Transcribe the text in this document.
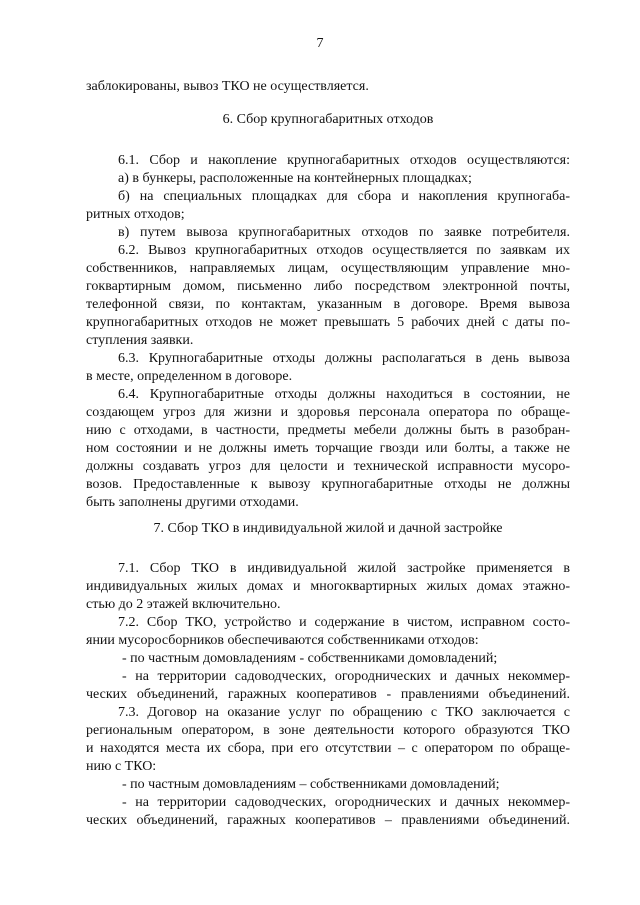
7
заблокированы, вывоз ТКО не осуществляется.
6. Сбор крупногабаритных отходов
6.1. Сбор и накопление крупногабаритных отходов осуществляются:
а) в бункеры, расположенные на контейнерных площадках;
б) на специальных площадках для сбора и накопления крупногаба-
ритных отходов;
в) путем вывоза крупногабаритных отходов по заявке потребителя.
6.2. Вывоз крупногабаритных отходов осуществляется по заявкам их
собственников, направляемых лицам, осуществляющим управление мно-
гоквартирным домом, письменно либо посредством электронной почты,
телефонной связи, по контактам, указанным в договоре. Время вывоза
крупногабаритных отходов не может превышать 5 рабочих дней с даты по-
ступления заявки.
6.3. Крупногабаритные отходы должны располагаться в день вывоза
в месте, определенном в договоре.
6.4. Крупногабаритные отходы должны находиться в состоянии, не
создающем угроз для жизни и здоровья персонала оператора по обраще-
нию с отходами, в частности, предметы мебели должны быть в разобран-
ном состоянии и не должны иметь торчащие гвозди или болты, а также не
должны создавать угроз для целости и технической исправности мусоро-
возов. Предоставленные к вывозу крупногабаритные отходы не должны
быть заполнены другими отходами.
7. Сбор ТКО в индивидуальной жилой и дачной застройке
7.1. Сбор ТКО в индивидуальной жилой застройке применяется в
индивидуальных жилых домах и многоквартирных жилых домах этажно-
стью до 2 этажей включительно.
7.2. Сбор ТКО, устройство и содержание в чистом, исправном состо-
янии мусоросборников обеспечиваются собственниками отходов:
- по частным домовладениям - собственниками домовладений;
- на территории садоводческих, огороднических и дачных некоммер-
ческих объединений, гаражных кооперативов - правлениями объединений.
7.3. Договор на оказание услуг по обращению с ТКО заключается с
региональным оператором, в зоне деятельности которого образуются ТКО
и находятся места их сбора, при его отсутствии – с оператором по обраще-
нию с ТКО:
- по частным домовладениям – собственниками домовладений;
- на территории садоводческих, огороднических и дачных некоммер-
ческих объединений, гаражных кооперативов – правлениями объединений.
